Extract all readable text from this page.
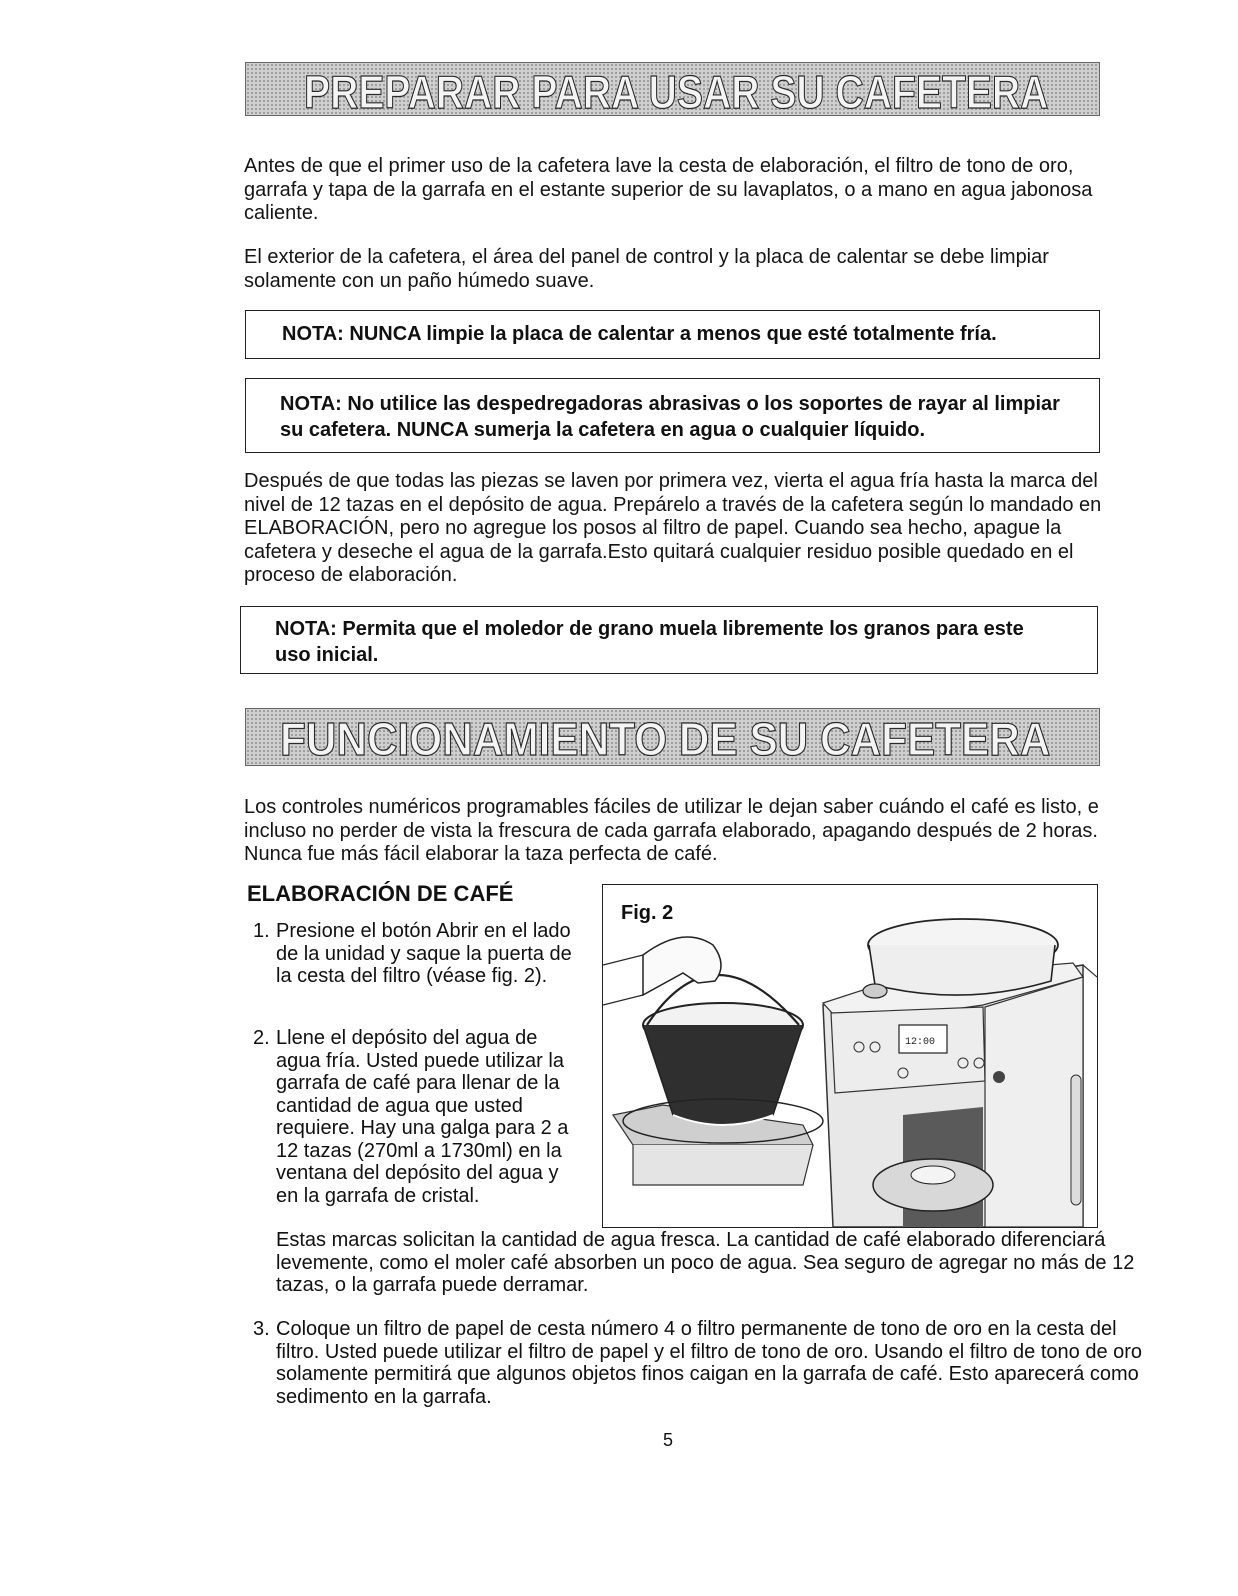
PREPARAR PARA USAR SU CAFETERA
Antes de que el primer uso de la cafetera lave la cesta de elaboración, el filtro de tono de oro, garrafa y tapa de la garrafa en el estante superior de su lavaplatos, o a mano en agua jabonosa caliente.
El exterior de la cafetera, el área del panel de control y la placa de calentar se debe limpiar solamente con un paño húmedo suave.
NOTA: NUNCA limpie la placa de calentar a menos que esté totalmente fría.
NOTA: No utilice las despedregadoras abrasivas o los soportes de rayar al limpiar su cafetera. NUNCA sumerja la cafetera en agua o cualquier líquido.
Después de que todas las piezas se laven por primera vez, vierta el agua fría hasta la marca del nivel de 12 tazas en el depósito de agua. Prepárelo a través de la cafetera según lo mandado en ELABORACIÓN, pero no agregue los posos al filtro de papel. Cuando sea hecho, apague la cafetera y deseche el agua de la garrafa.Esto quitará cualquier residuo posible quedado en el proceso de elaboración.
NOTA: Permita que el moledor de grano muela libremente los granos para este uso inicial.
FUNCIONAMIENTO DE SU CAFETERA
Los controles numéricos programables fáciles de utilizar le dejan saber cuándo el café es listo, e incluso no perder de vista la frescura de cada garrafa elaborado, apagando después de 2 horas. Nunca fue más fácil elaborar la taza perfecta de café.
ELABORACIÓN DE CAFÉ
1. Presione el botón Abrir en el lado de la unidad y saque la puerta de la cesta del filtro (véase fig. 2).
2. Llene el depósito del agua de agua fría. Usted puede utilizar la garrafa de café para llenar de la cantidad de agua que usted requiere. Hay una galga para 2 a 12 tazas (270ml a 1730ml) en la ventana del depósito del agua y en la garrafa de cristal.
Estas marcas solicitan la cantidad de agua fresca. La cantidad de café elaborado diferenciará levemente, como el moler café absorben un poco de agua. Sea seguro de agregar no más de 12 tazas, o la garrafa puede derramar.
3. Coloque un filtro de papel de cesta número 4 o filtro permanente de tono de oro en la cesta del filtro. Usted puede utilizar el filtro de papel y el filtro de tono de oro. Usando el filtro de tono de oro solamente permitirá que algunos objetos finos caigan en la garrafa de café. Esto aparecerá como sedimento en la garrafa.
Fig. 2
12:00
5
